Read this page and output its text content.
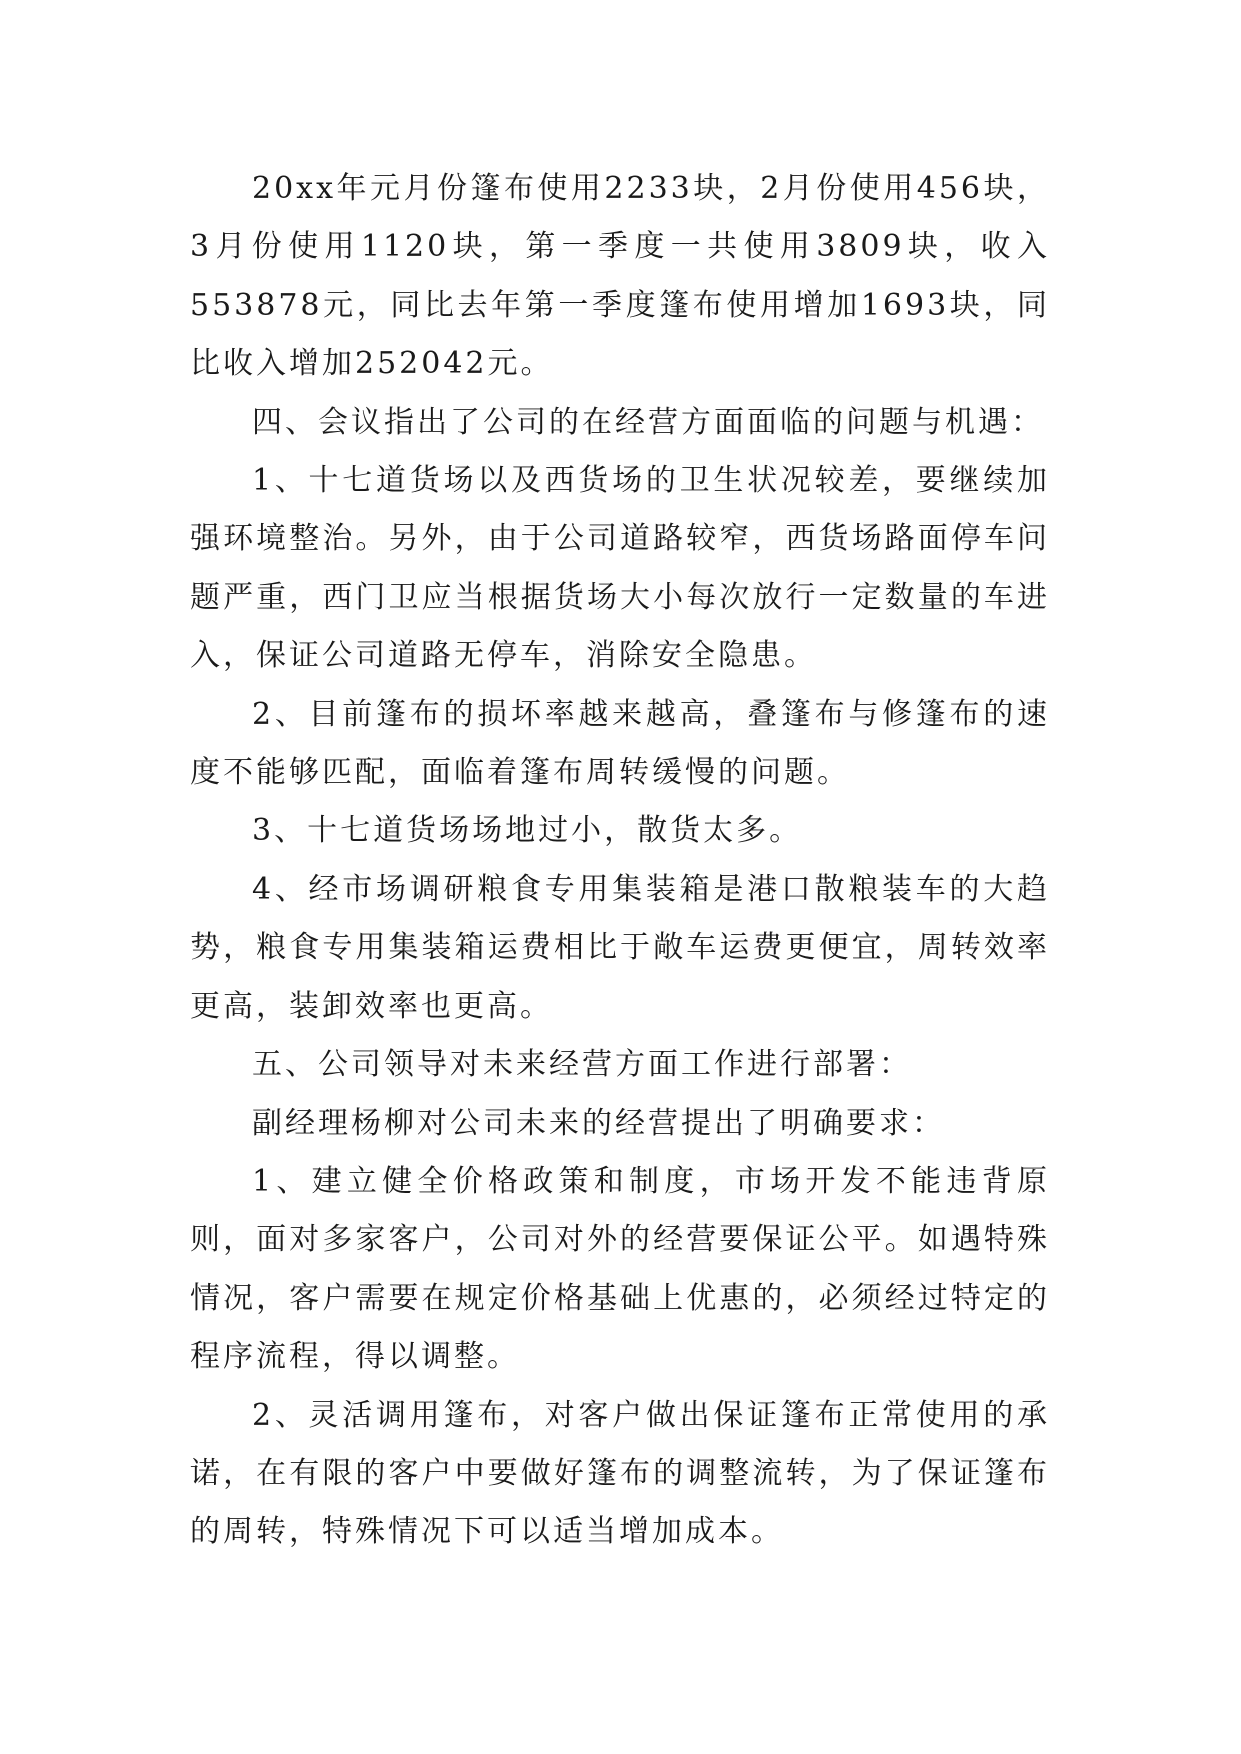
20xx年元月份篷布使用2233块，2月份使用456块，3月份使用1120块，第一季度一共使用3809块，收入553878元，同比去年第一季度篷布使用增加1693块，同比收入增加252042元。

四、会议指出了公司的在经营方面面临的问题与机遇：

1、十七道货场以及西货场的卫生状况较差，要继续加强环境整治。另外，由于公司道路较窄，西货场路面停车问题严重，西门卫应当根据货场大小每次放行一定数量的车进入，保证公司道路无停车，消除安全隐患。

2、目前篷布的损坏率越来越高，叠篷布与修篷布的速度不能够匹配，面临着篷布周转缓慢的问题。

3、十七道货场场地过小，散货太多。

4、经市场调研粮食专用集装箱是港口散粮装车的大趋势，粮食专用集装箱运费相比于敞车运费更便宜，周转效率更高，装卸效率也更高。

五、公司领导对未来经营方面工作进行部署：

副经理杨柳对公司未来的经营提出了明确要求：

1、建立健全价格政策和制度，市场开发不能违背原则，面对多家客户，公司对外的经营要保证公平。如遇特殊情况，客户需要在规定价格基础上优惠的，必须经过特定的程序流程，得以调整。

2、灵活调用篷布，对客户做出保证篷布正常使用的承诺，在有限的客户中要做好篷布的调整流转，为了保证篷布的周转，特殊情况下可以适当增加成本。
